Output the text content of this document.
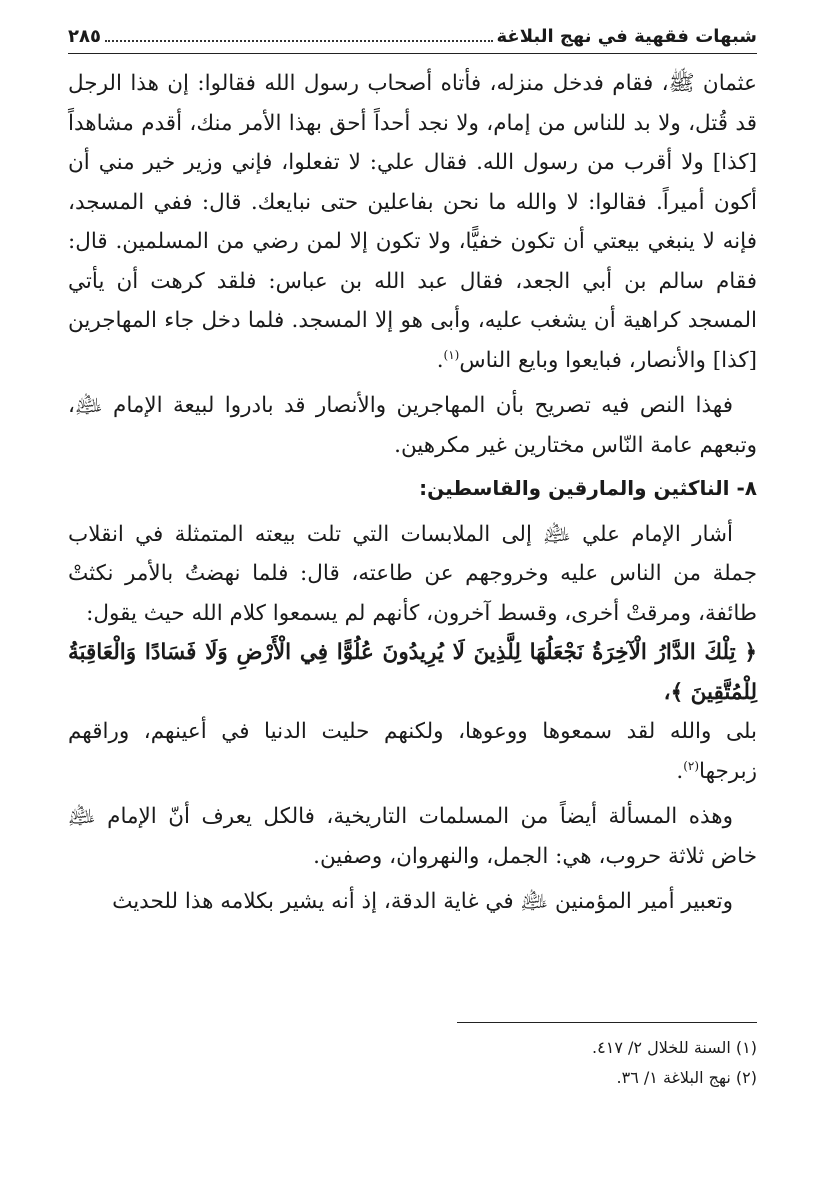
شبهات فقهية في نهج البلاغة
٢٨٥

عثمان ﷺ، فقام فدخل منزله، فأتاه أصحاب رسول الله فقالوا: إن هذا الرجل قد قُتل، ولا بد للناس من إمام، ولا نجد أحداً أحق بهذا الأمر منك، أقدم مشاهداً [كذا] ولا أقرب من رسول الله. فقال علي: لا تفعلوا، فإني وزير خير مني أن أكون أميراً. فقالوا: لا والله ما نحن بفاعلين حتى نبايعك. قال: ففي المسجد، فإنه لا ينبغي بيعتي أن تكون خفيًّا، ولا تكون إلا لمن رضي من المسلمين. قال: فقام سالم بن أبي الجعد، فقال عبد الله بن عباس: فلقد كرهت أن يأتي المسجد كراهية أن يشغب عليه، وأبى هو إلا المسجد. فلما دخل جاء المهاجرين [كذا] والأنصار، فبايعوا وبايع الناس$^{(١)}$.

فهذا النص فيه تصريح بأن المهاجرين والأنصار قد بادروا لبيعة الإمام ﵇، وتبعهم عامة النّاس مختارين غير مكرهين.

٨- الناكثين والمارقين والقاسطين:

أشار الإمام علي ﵇ إلى الملابسات التي تلت بيعته المتمثلة في انقلاب جملة من الناس عليه وخروجهم عن طاعته، قال: فلما نهضتُ بالأمر نكثتْ طائفة، ومرقتْ أخرى، وقسط آخرون، كأنهم لم يسمعوا كلام الله حيث يقول:

﴿ تِلْكَ الدَّارُ الْآخِرَةُ نَجْعَلُهَا لِلَّذِينَ لَا يُرِيدُونَ عُلُوًّا فِي الْأَرْضِ وَلَا فَسَادًا وَالْعَاقِبَةُ لِلْمُتَّقِينَ ﴾،

بلى والله لقد سمعوها ووعوها، ولكنهم حليت الدنيا في أعينهم، وراقهم زبرجها$^{(٢)}$.

وهذه المسألة أيضاً من المسلمات التاريخية، فالكل يعرف أنّ الإمام ﵇ خاض ثلاثة حروب، هي: الجمل، والنهروان، وصفين.

وتعبير أمير المؤمنين ﵇ في غاية الدقة، إذ أنه يشير بكلامه هذا للحديث

(١) السنة للخلال ٢/ ٤١٧.

(٢) نهج البلاغة ١/ ٣٦.
